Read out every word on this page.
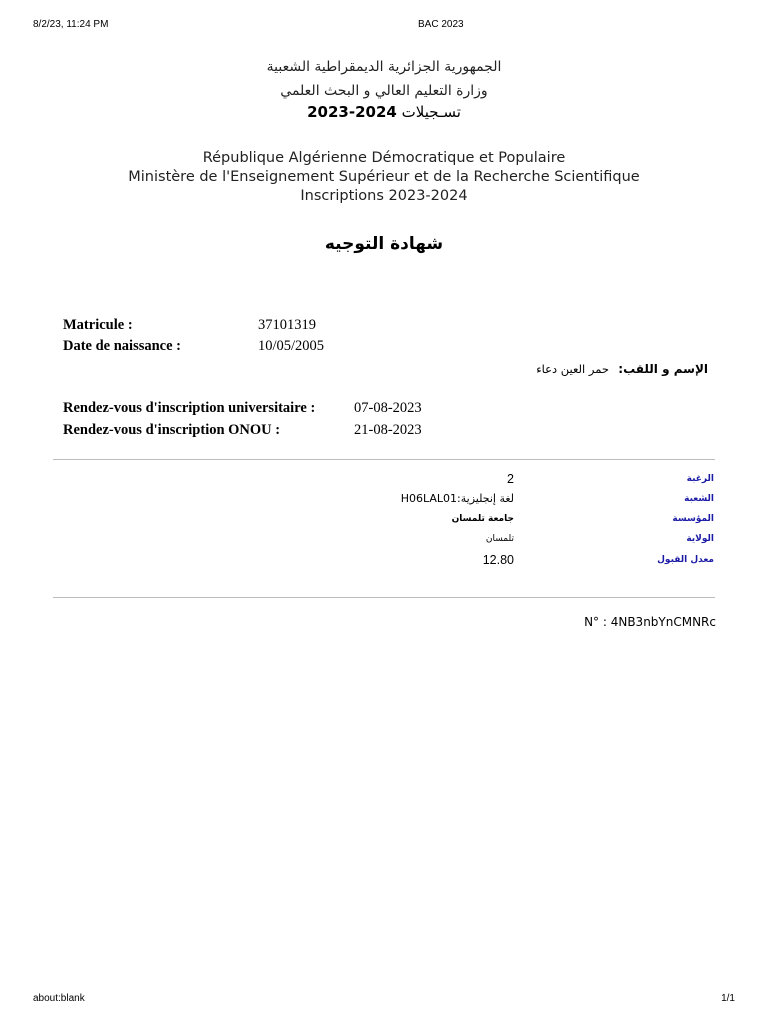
8/2/23, 11:24 PM	BAC 2023
الجمهورية الجزائرية الديمقراطية الشعبية
وزارة التعليم العالي و البحث العلمي
2023-2024 تسـجيلات
République Algérienne Démocratique et Populaire
Ministère de l'Enseignement Supérieur et de la Recherche Scientifique
Inscriptions 2023-2024
شهادة التوجيه
Matricule :	37101319
Date de naissance :	10/05/2005
الإسم و اللقب:
حمر العين دعاء
Rendez-vous d'inscription universitaire :	07-08-2023
Rendez-vous d'inscription ONOU :	21-08-2023
الرغبة
2
الشعبة
H06LAL01:لغة إنجليزية
المؤسسة
جامعة تلمسان
الولاية
تلمسان
معدل القبول
12.80
N° : 4NB3nbYnCMNRc
about:blank	1/1
